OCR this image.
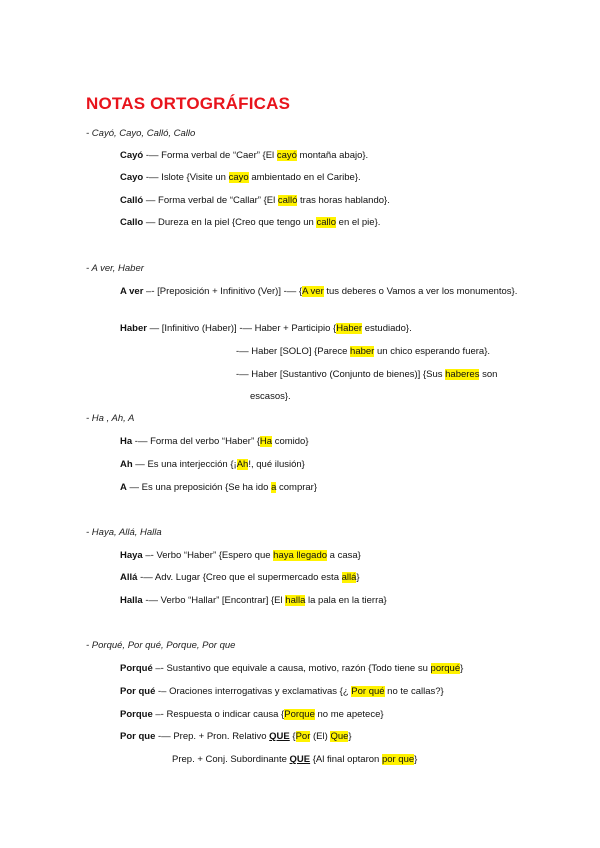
NOTAS ORTOGRÁFICAS
- Cayó, Cayo, Calló, Callo
Cayó -— Forma verbal de “Caer” {El cayó montaña abajo}.
Cayo -— Islote {Visite un cayo ambientado en el Caribe}.
Calló — Forma verbal de “Callar” {El calló tras horas hablando}.
Callo — Dureza en la piel {Creo que tengo un callo en el pie}.
- A ver, Haber
A ver –- [Preposición + Infinitivo (Ver)] -— {A ver tus deberes o Vamos a ver los monumentos}.
Haber — [Infinitivo (Haber)] -— Haber + Participio {Haber estudiado}.
-— Haber [SOLO] {Parece haber un chico esperando fuera}.
-— Haber [Sustantivo (Conjunto de bienes)] {Sus haberes son
escasos}.
- Ha , Ah, A
Ha -— Forma del verbo “Haber” {Ha comido}
Ah — Es una interjección {¡Ah!, qué ilusión}
A — Es una preposición {Se ha ido a comprar}
- Haya, Allá, Halla
Haya –- Verbo “Haber” {Espero que haya llegado a casa}
Allá -— Adv. Lugar {Creo que el supermercado esta allá}
Halla -— Verbo “Hallar” [Encontrar] {El halla la pala en la tierra}
- Porqué, Por qué, Porque, Por que
Porqué –- Sustantivo que equivale a causa, motivo, razón {Todo tiene su porqué}
Por qué -– Oraciones interrogativas y exclamativas {¿ Por qué no te callas?}
Porque –- Respuesta o indicar causa {Porque no me apetece}
Por que -— Prep. + Pron. Relativo QUE {Por (El) Que}
Prep. + Conj. Subordinante QUE {Al final optaron por que}
